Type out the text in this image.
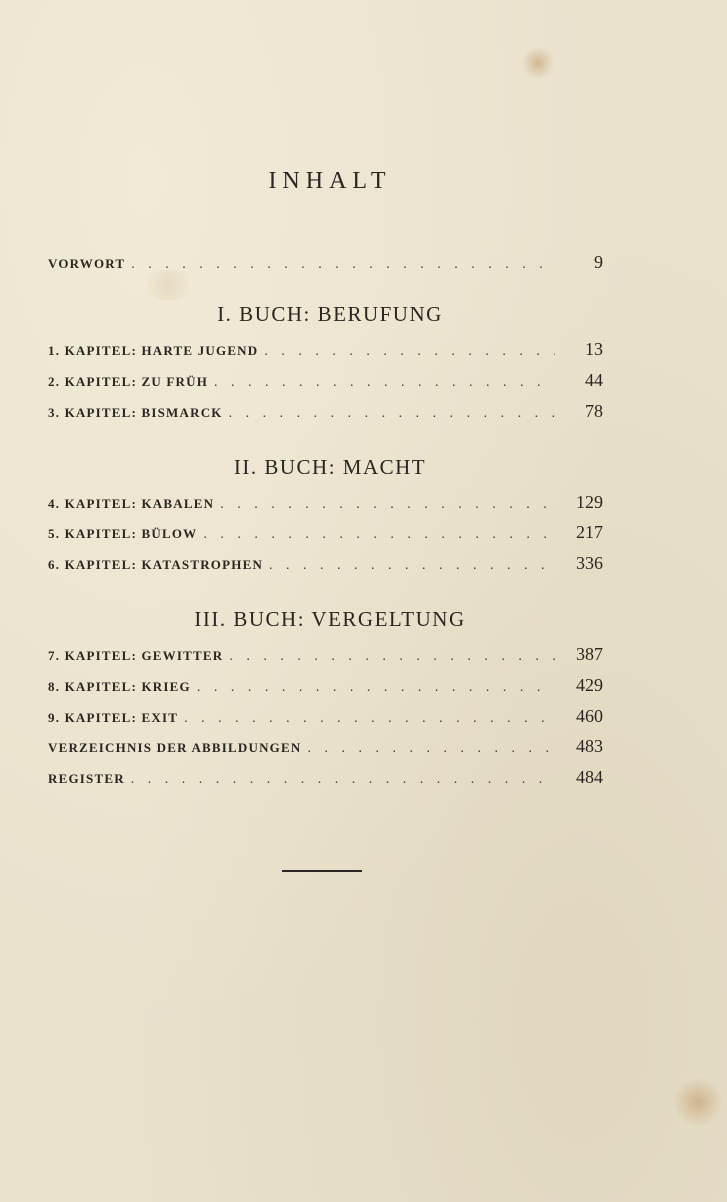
INHALT
VORWORT . . .	9
I. BUCH: BERUFUNG
1. KAPITEL: HARTE JUGEND . . .	13
2. KAPITEL: ZU FRÜH . . .	44
3. KAPITEL: BISMARCK . . .	78
II. BUCH: MACHT
4. KAPITEL: KABALEN . . .	129
5. KAPITEL: BÜLOW . . .	217
6. KAPITEL: KATASTROPHEN . . .	336
III. BUCH: VERGELTUNG
7. KAPITEL: GEWITTER . . .	387
8. KAPITEL: KRIEG . . .	429
9. KAPITEL: EXIT . . .	460
VERZEICHNIS DER ABBILDUNGEN . . .	483
REGISTER . . .	484
